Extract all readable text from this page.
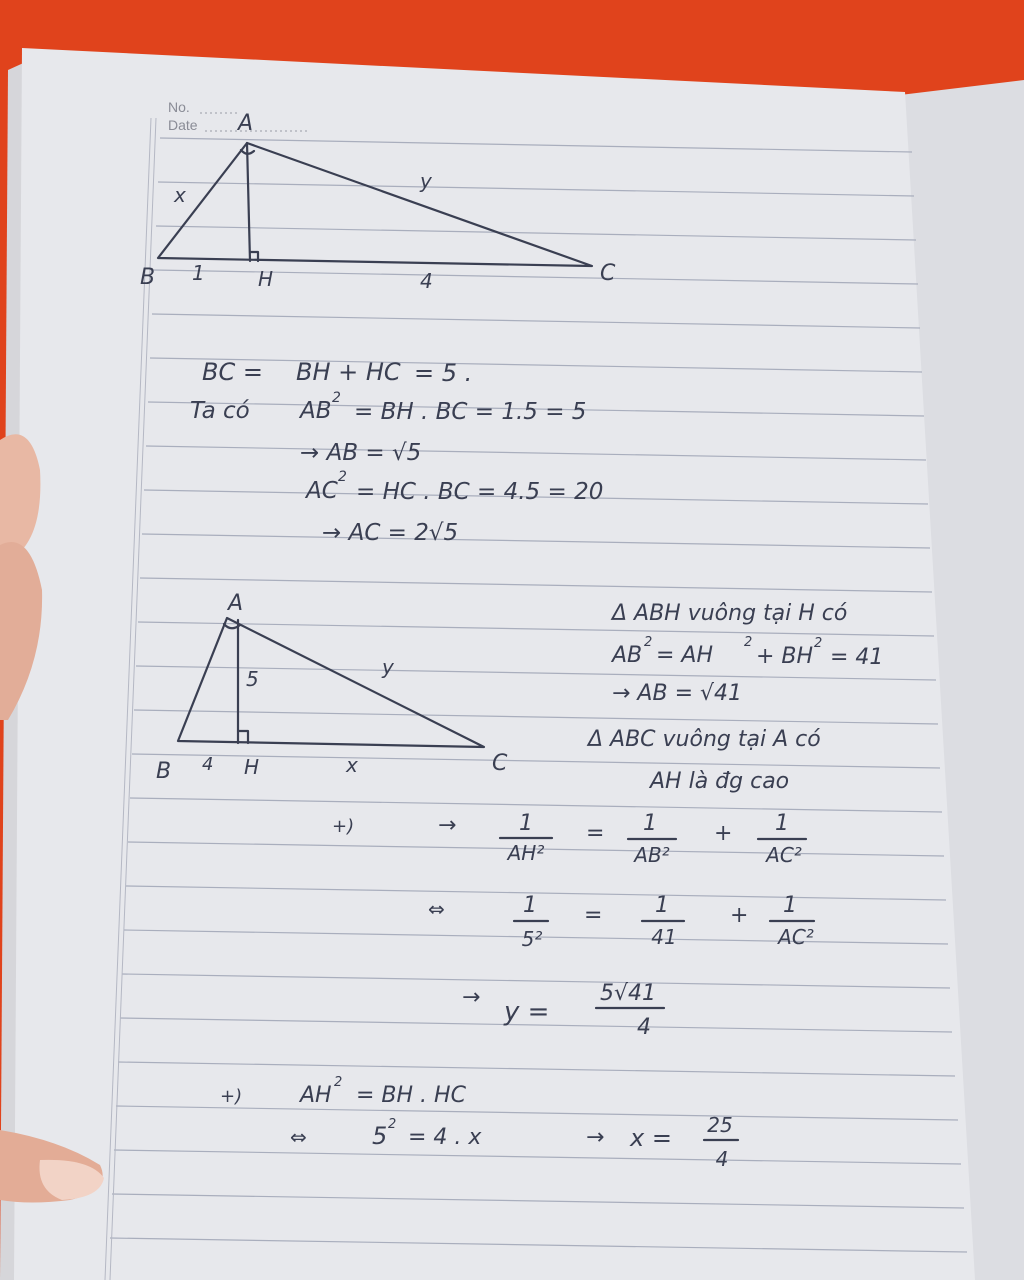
No.
Date A
B	C
H
x
y
1	4
BC = BH + HC = 5 .
Ta có AB 2
= BH . BC = 1.5 = 5
→ AB = √5
AC
2
= HC . BC = 4.5 = 20
→ AC = 2√5
A
B	C
H
5	y
4	x
Δ ABH vuông tại H có
AB
2
= AH
2
+ BH
2
= 41
→ AB = √41
Δ ABC vuông tại A có
AH là đg cao
+)	→	1
AH²
= 1
AB²
+ 1
AC²
⇔	1
5²
= 1
41
+ 1
AC²
→ y =
5√41
4
+)	AH
2
= BH . HC
⇔	5 2
= 4 . x	→ x = 25
4
